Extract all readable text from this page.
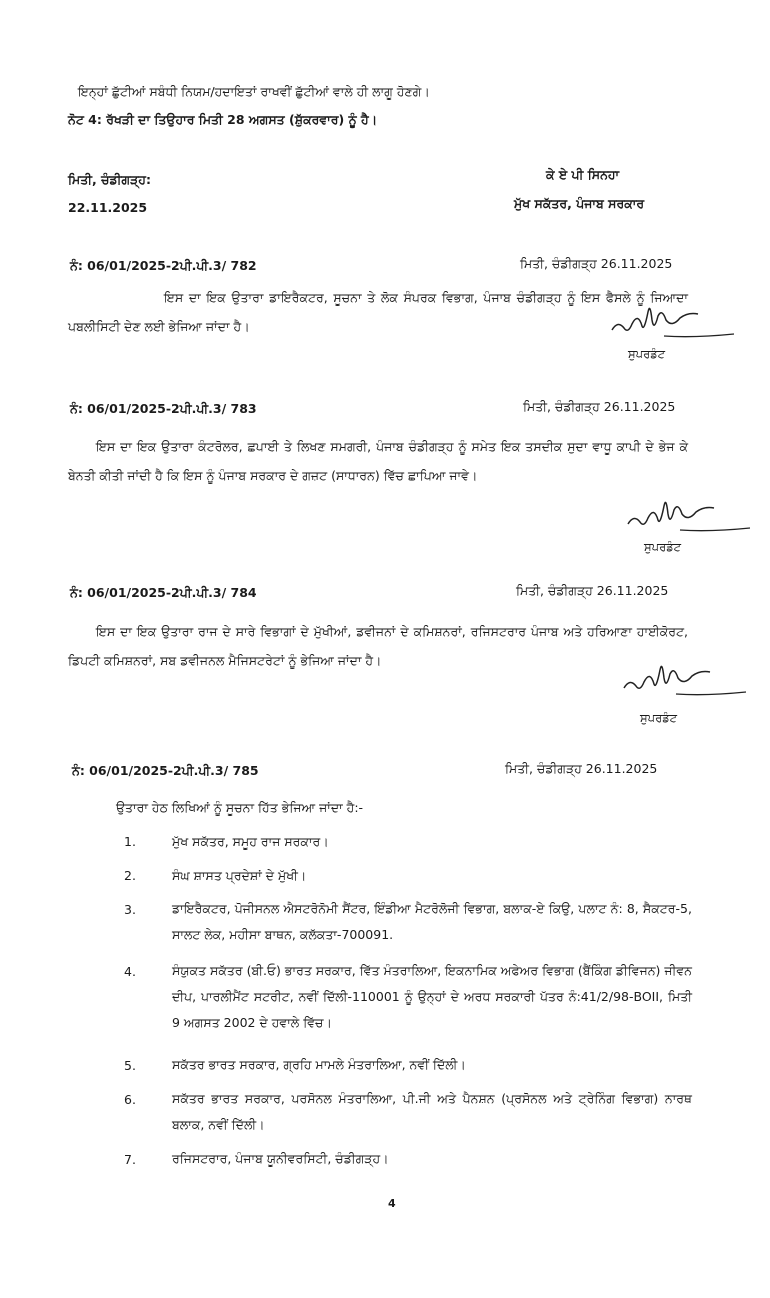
ਇਨ੍ਹਾਂ ਛੁੱਟੀਆਂ ਸਬੰਧੀ ਨਿਯਮ/ਹਦਾਇਤਾਂ ਰਾਖਵੀਂ ਛੁੱਟੀਆਂ ਵਾਲੇ ਹੀ ਲਾਗੂ ਹੋਣਗੇ।
ਨੋਟ 4: ਰੱਖੜੀ ਦਾ ਤਿਉਹਾਰ ਮਿਤੀ 28 ਅਗਸਤ (ਸ਼ੁੱਕਰਵਾਰ) ਨੂੰ ਹੈ।
ਮਿਤੀ, ਚੰਡੀਗੜ੍ਹ:
22.11.2025
ਕੇ ਏ ਪੀ ਸਿਨਹਾ
ਮੁੱਖ ਸਕੱਤਰ, ਪੰਜਾਬ ਸਰਕਾਰ
ਨੰ: 06/01/2025-2ਪੀ.ਪੀ.3/ 782	ਮਿਤੀ, ਚੰਡੀਗੜ੍ਹ 26.11.2025
ਇਸ ਦਾ ਇਕ ਉਤਾਰਾ ਡਾਇਰੈਕਟਰ, ਸੂਚਨਾ ਤੇ ਲੋਕ ਸੰਪਰਕ ਵਿਭਾਗ, ਪੰਜਾਬ ਚੰਡੀਗੜ੍ਹ ਨੂੰ ਇਸ ਫੈਸਲੇ ਨੂੰ ਜਿਆਦਾ ਪਬਲੀਸਿਟੀ ਦੇਣ ਲਈ ਭੇਜਿਆ ਜਾਂਦਾ ਹੈ।
ਸੁਪਰਡੰਟ
ਨੰ: 06/01/2025-2ਪੀ.ਪੀ.3/ 783	ਮਿਤੀ, ਚੰਡੀਗੜ੍ਹ 26.11.2025
ਇਸ ਦਾ ਇਕ ਉਤਾਰਾ ਕੰਟਰੋਲਰ, ਛਪਾਈ ਤੇ ਲਿਖਣ ਸਮਗਰੀ, ਪੰਜਾਬ ਚੰਡੀਗੜ੍ਹ ਨੂੰ ਸਮੇਤ ਇਕ ਤਸਦੀਕ ਸੁਦਾ ਵਾਧੂ ਕਾਪੀ ਦੇ ਭੇਜ ਕੇ ਬੇਨਤੀ ਕੀਤੀ ਜਾਂਦੀ ਹੈ ਕਿ ਇਸ ਨੂੰ ਪੰਜਾਬ ਸਰਕਾਰ ਦੇ ਗਜ਼ਟ (ਸਾਧਾਰਨ) ਵਿੱਚ ਛਾਪਿਆ ਜਾਵੇ।
ਸੁਪਰਡੰਟ
ਨੰ: 06/01/2025-2ਪੀ.ਪੀ.3/ 784	ਮਿਤੀ, ਚੰਡੀਗੜ੍ਹ 26.11.2025
ਇਸ ਦਾ ਇਕ ਉਤਾਰਾ ਰਾਜ ਦੇ ਸਾਰੇ ਵਿਭਾਗਾਂ ਦੇ ਮੁੱਖੀਆਂ, ਡਵੀਜਨਾਂ ਦੇ ਕਮਿਸ਼ਨਰਾਂ, ਰਜਿਸਟਰਾਰ ਪੰਜਾਬ ਅਤੇ ਹਰਿਆਣਾ ਹਾਈਕੋਰਟ, ਡਿਪਟੀ ਕਮਿਸ਼ਨਰਾਂ, ਸਬ ਡਵੀਜਨਲ ਮੈਜਿਸਟਰੇਟਾਂ ਨੂੰ ਭੇਜਿਆ ਜਾਂਦਾ ਹੈ।
ਸੁਪਰਡੰਟ
ਨੰ: 06/01/2025-2ਪੀ.ਪੀ.3/ 785	ਮਿਤੀ, ਚੰਡੀਗੜ੍ਹ 26.11.2025
ਉਤਾਰਾ ਹੇਠ ਲਿਖਿਆਂ ਨੂੰ ਸੂਚਨਾ ਹਿੱਤ ਭੇਜਿਆ ਜਾਂਦਾ ਹੈ:-
1.	ਮੁੱਖ ਸਕੱਤਰ, ਸਮੂਹ ਰਾਜ ਸਰਕਾਰ।
2.	ਸੰਘ ਸ਼ਾਸਤ ਪ੍ਰਦੇਸ਼ਾਂ ਦੇ ਮੁੱਖੀ।
3.	ਡਾਇਰੈਕਟਰ, ਪੋਜੀਸਨਲ ਐਸਟਰੋਨੋਮੀ ਸੈਂਟਰ, ਇੰਡੀਆ ਮੈਟਰੋਲੋਜੀ ਵਿਭਾਗ, ਬਲਾਕ-ਏ ਕਿਉ, ਪਲਾਟ ਨੰ: 8, ਸੈਕਟਰ-5, ਸਾਲਟ ਲੇਕ, ਮਹੀਸਾ ਬਾਥਨ, ਕਲੱਕਤਾ-700091.
4.	ਸੰਯੁਕਤ ਸਕੱਤਰ (ਬੀ.ਓ) ਭਾਰਤ ਸਰਕਾਰ, ਵਿੱਤ ਮੰਤਰਾਲਿਆ, ਇਕਨਾਮਿਕ ਅਫੇਅਰ ਵਿਭਾਗ (ਬੈਂਕਿੰਗ ਡੀਵਿਜਨ) ਜੀਵਨ ਦੀਪ, ਪਾਰਲੀਮੈਂਟ ਸਟਰੀਟ, ਨਵੀਂ ਦਿੱਲੀ-110001 ਨੂੰ ਉਨ੍ਹਾਂ ਦੇ ਅਰਧ ਸਰਕਾਰੀ ਪੱਤਰ ਨੰ:41/2/98-BOII, ਮਿਤੀ 9 ਅਗਸਤ 2002 ਦੇ ਹਵਾਲੇ ਵਿੱਚ।
5.	ਸਕੱਤਰ ਭਾਰਤ ਸਰਕਾਰ, ਗ੍ਰਹਿ ਮਾਮਲੇ ਮੰਤਰਾਲਿਆ, ਨਵੀਂ ਦਿੱਲੀ।
6.	ਸਕੱਤਰ ਭਾਰਤ ਸਰਕਾਰ, ਪਰਸੋਨਲ ਮੰਤਰਾਲਿਆ, ਪੀ.ਜੀ ਅਤੇ ਪੈਨਸ਼ਨ (ਪ੍ਰਸੋਨਲ ਅਤੇ ਟ੍ਰੇਨਿੰਗ ਵਿਭਾਗ) ਨਾਰਥ ਬਲਾਕ, ਨਵੀਂ ਦਿੱਲੀ।
7.	ਰਜਿਸਟਰਾਰ, ਪੰਜਾਬ ਯੂਨੀਵਰਸਿਟੀ, ਚੰਡੀਗੜ੍ਹ।
4
